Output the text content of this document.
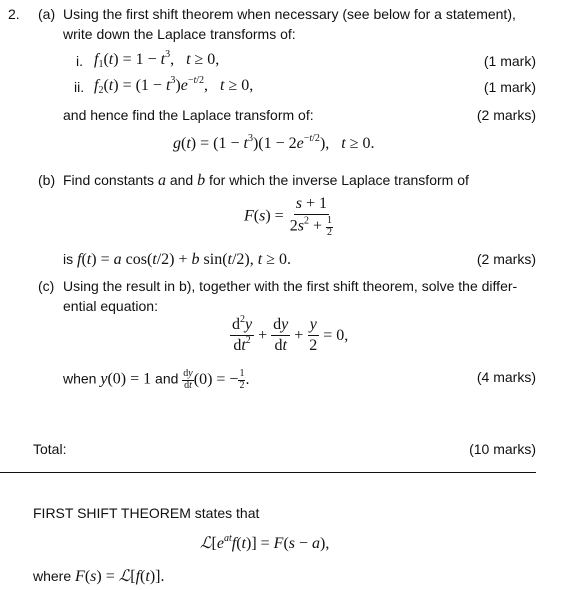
2. (a) Using the first shift theorem when necessary (see below for a statement),
write down the Laplace transforms of:
i. $f_1(t) = 1 - t^3$,   t ≥ 0,	(1 mark)
ii. $f_2(t) = (1 - t^3)e^{-t/2}$,   t ≥ 0,	(1 mark)
and hence find the Laplace transform of:	(2 marks)
$g(t) = (1 - t^3)(1 - 2e^{-t/2})$,   t ≥ 0.
(b) Find constants a and b for which the inverse Laplace transform of
$F(s) = \frac{s + 1}{2s^2 + \frac{1}{2}}$
is f(t) = a cos(t/2) + b sin(t/2), t ≥ 0.	(2 marks)
(c) Using the result in b), together with the first shift theorem, solve the differ-
ential equation:
$\frac{d^2y}{dt^2} + \frac{dy}{dt} + \frac{y}{2} = 0$,
when y(0) = 1 and $\frac{dy}{dt} (0)$ = − $\frac{1}{2}$ .	(4 marks)
Total:	(10 marks)
FIRST SHIFT THEOREM states that
$ℒ[e^{at}f(t)] = F(s - a)$,
where F(s) = ℒ[f(t)].
